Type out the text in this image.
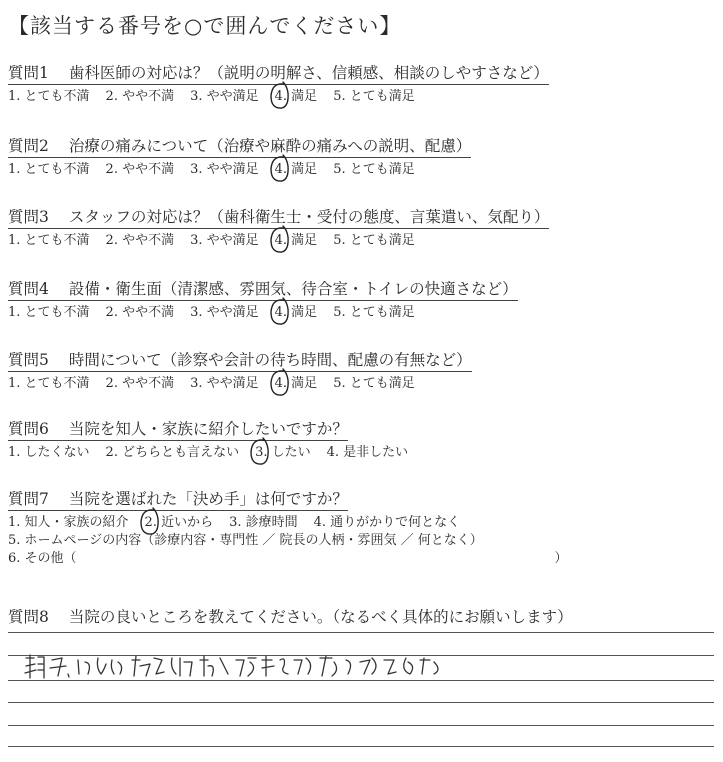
【該当する番号を○で囲んでください】
質問1 歯科医師の対応は？（説明の明解さ、信頼感、相談のしやすさなど）
1. とても不満 2. やや不満 3. やや満足 4. 満足 5. とても満足
質問2 治療の痛みについて（治療や麻酔の痛みへの説明、配慮）
1. とても不満 2. やや不満 3. やや満足 4. 満足 5. とても満足
質問3 スタッフの対応は？（歯科衛生士・受付の態度、言葉遣い、気配り）
1. とても不満 2. やや不満 3. やや満足 4. 満足 5. とても満足
質問4 設備・衛生面（清潔感、雰囲気、待合室・トイレの快適さなど）
1. とても不満 2. やや不満 3. やや満足 4. 満足 5. とても満足
質問5 時間について（診察や会計の待ち時間、配慮の有無など）
1. とても不満 2. やや不満 3. やや満足 4. 満足 5. とても満足
質問6 当院を知人・家族に紹介したいですか？
1. したくない 2. どちらとも言えない 3. したい 4. 是非したい
質問7 当院を選ばれた「決め手」は何ですか？
1. 知人・家族の紹介 2. 近いから 3. 診療時間 4. 通りがかりで何となく
5. ホームページの内容（診療内容・専門性 ／ 院長の人柄・雰囲気 ／ 何となく）
6. その他（	）
質問8 当院の良いところを教えてください。（なるべく具体的にお願いします）
